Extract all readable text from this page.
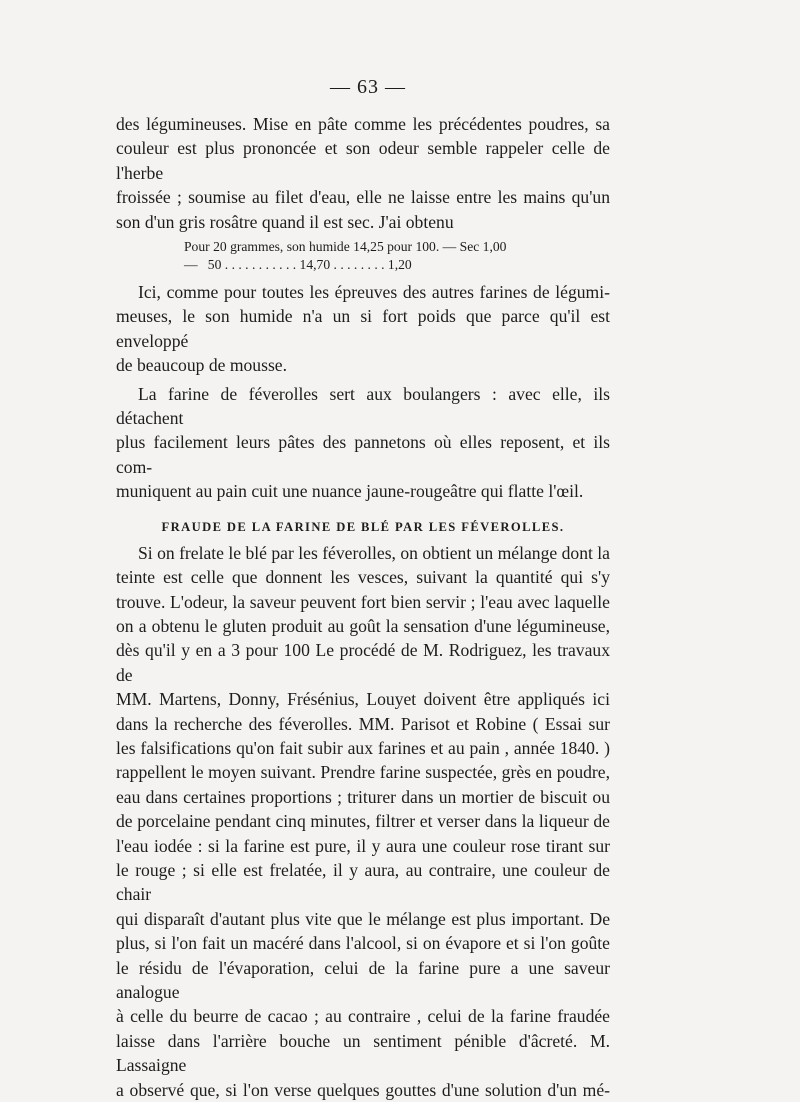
— 63 —

des légumineuses. Mise en pâte comme les précédentes poudres, sa
couleur est plus prononcée et son odeur semble rappeler celle de l'herbe
froissée ; soumise au filet d'eau, elle ne laisse entre les mains qu'un
son d'un gris rosâtre quand il est sec. J'ai obtenu

Pour 20 grammes, son humide 14,25 pour 100. — Sec 1,00
—   50 . . . . . . . . . . . 14,70 . . . . . . . . 1,20

Ici, comme pour toutes les épreuves des autres farines de légumi-
meuses, le son humide n'a un si fort poids que parce qu'il est enveloppé
de beaucoup de mousse.

La farine de féverolles sert aux boulangers : avec elle, ils détachent
plus facilement leurs pâtes des pannetons où elles reposent, et ils com-
muniquent au pain cuit une nuance jaune-rougeâtre qui flatte l'œil.

FRAUDE DE LA FARINE DE BLÉ PAR LES FÉVEROLLES.

Si on frelate le blé par les féverolles, on obtient un mélange dont la
teinte est celle que donnent les vesces, suivant la quantité qui s'y
trouve. L'odeur, la saveur peuvent fort bien servir ; l'eau avec laquelle
on a obtenu le gluten produit au goût la sensation d'une légumineuse,
dès qu'il y en a 3 pour 100 Le procédé de M. Rodriguez, les travaux de
MM. Martens, Donny, Frésénius, Louyet doivent être appliqués ici
dans la recherche des féverolles. MM. Parisot et Robine ( Essai sur
les falsifications qu'on fait subir aux farines et au pain , année 1840. )
rappellent le moyen suivant. Prendre farine suspectée, grès en poudre,
eau dans certaines proportions ; triturer dans un mortier de biscuit ou
de porcelaine pendant cinq minutes, filtrer et verser dans la liqueur de
l'eau iodée : si la farine est pure, il y aura une couleur rose tirant sur
le rouge ; si elle est frelatée, il y aura, au contraire, une couleur de chair
qui disparaît d'autant plus vite que le mélange est plus important. De
plus, si l'on fait un macéré dans l'alcool, si on évapore et si l'on goûte
le résidu de l'évaporation, celui de la farine pure a une saveur analogue
à celle du beurre de cacao ; au contraire , celui de la farine fraudée
laisse dans l'arrière bouche un sentiment pénible d'âcreté. M. Lassaigne
a observé que, si l'on verse quelques gouttes d'une solution d'un mé-
